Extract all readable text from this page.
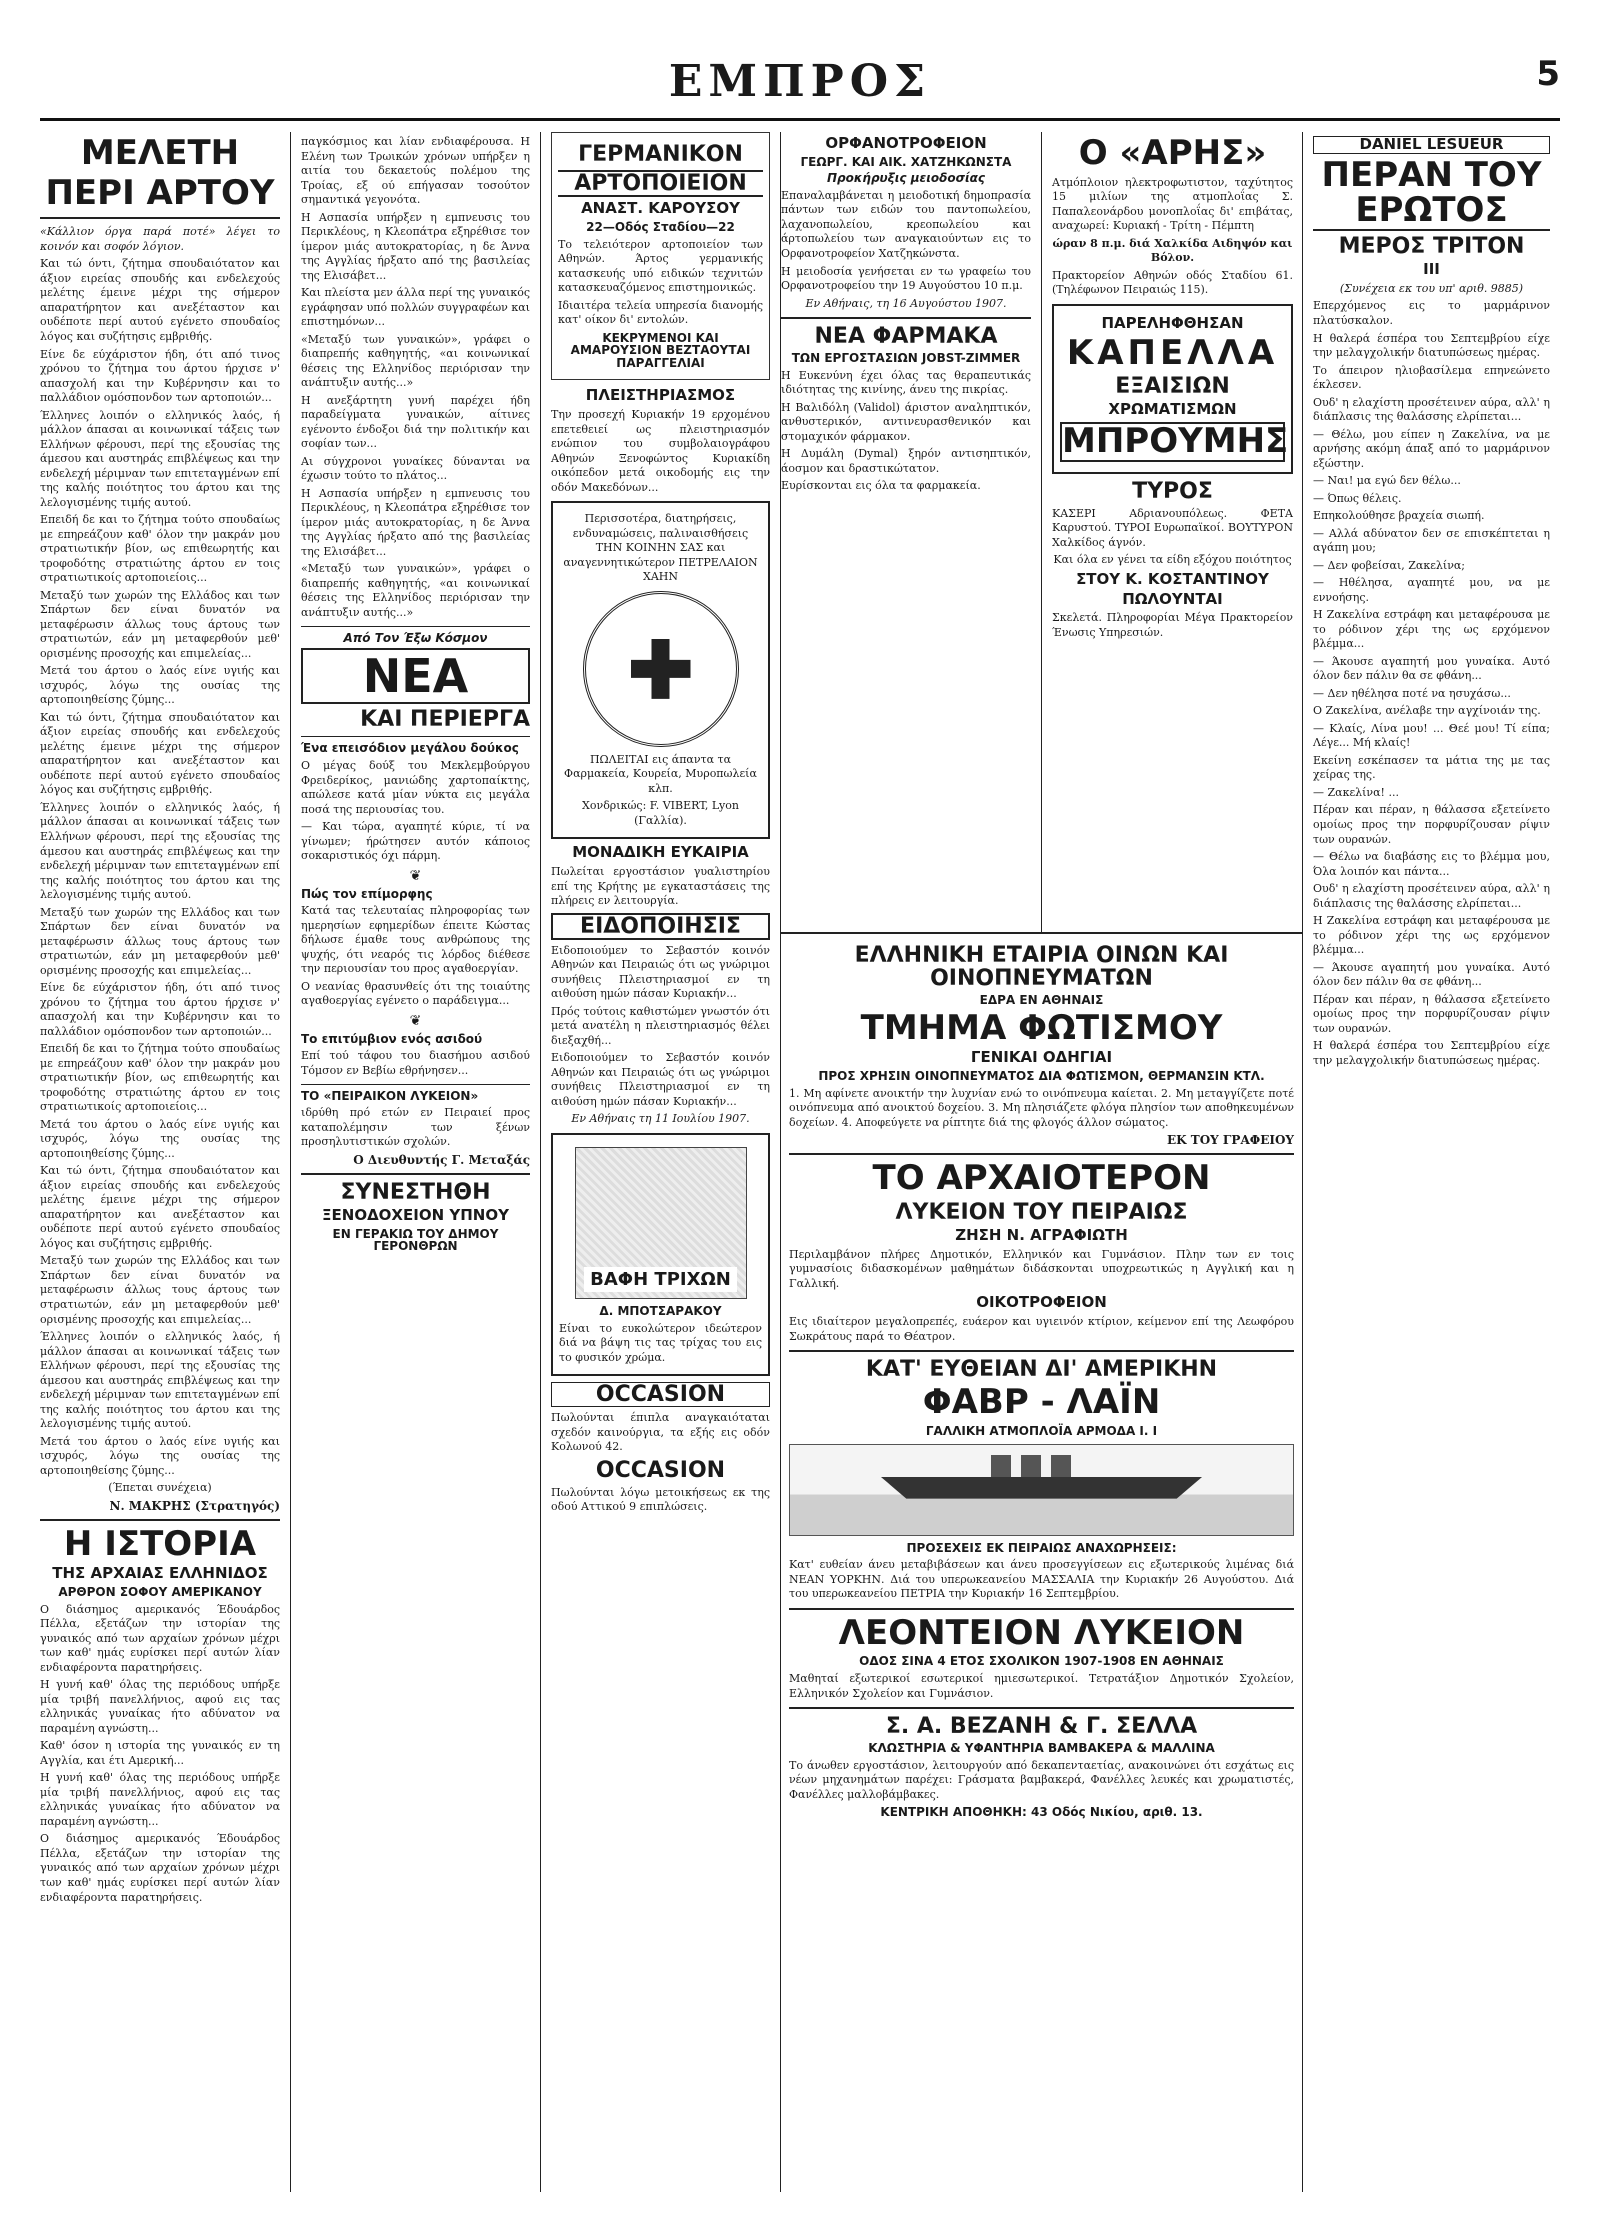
ΕΜΠΡΟΣ	5
ΜΕΛΕΤΗ
ΠΕΡΙ ΑΡΤΟΥ

«Κάλλιον όργα παρά ποτέ» λέγει το κοινόν και σοφόν λόγιον.

Και τώ όντι, ζήτημα σπουδαιότατον και άξιον ειρείας σπουδής και ενδελεχούς μελέτης έμεινε μέχρι της σήμερον απαρατήρητον και ανεξέταστον και ουδέποτε περί αυτού εγένετο σπουδαίος λόγος και συζήτησις εμβριθής.

Είνε δε εύχάριστον ήδη, ότι από τινος χρόνου το ζήτημα του άρτου ήρχισε ν' απασχολή και την Κυβέρνησιν και το παλλάδιον ομόσπονδον των αρτοποιών...

Έλληνες λοιπόν ο ελληνικός λαός, ή μάλλον άπασαι αι κοινωνικαί τάξεις των Ελλήνων φέρουσι, περί της εξουσίας της άμεσου και αυστηράς επιβλέψεως και την ενδελεχή μέριμναν των επιτεταγμένων επί της καλής ποιότητος του άρτου και της λελογισμένης τιμής αυτού.

Επειδή δε και το ζήτημα τούτο σπουδαίως με επηρεάζουν καθ' όλον την μακράν μου στρατιωτικήν βίον, ως επιθεωρητής και τροφοδότης στρατιώτης άρτου εν τοις στρατιωτικοίς αρτοποιείοις...

Μεταξύ των χωρών της Ελλάδος και των Σπάρτων δεν είναι δυνατόν να μεταφέρωσιν άλλως τους άρτους των στρατιωτών, εάν μη μεταφερθούν μεθ' ορισμένης προσοχής και επιμελείας...

Μετά του άρτου ο λαός είνε υγιής και ισχυρός, λόγω της ουσίας της αρτοποιηθείσης ζύμης...

Και τώ όντι, ζήτημα σπουδαιότατον και άξιον ειρείας σπουδής και ενδελεχούς μελέτης έμεινε μέχρι της σήμερον απαρατήρητον και ανεξέταστον και ουδέποτε περί αυτού εγένετο σπουδαίος λόγος και συζήτησις εμβριθής.

Έλληνες λοιπόν ο ελληνικός λαός, ή μάλλον άπασαι αι κοινωνικαί τάξεις των Ελλήνων φέρουσι, περί της εξουσίας της άμεσου και αυστηράς επιβλέψεως και την ενδελεχή μέριμναν των επιτεταγμένων επί της καλής ποιότητος του άρτου και της λελογισμένης τιμής αυτού.

Μεταξύ των χωρών της Ελλάδος και των Σπάρτων δεν είναι δυνατόν να μεταφέρωσιν άλλως τους άρτους των στρατιωτών, εάν μη μεταφερθούν μεθ' ορισμένης προσοχής και επιμελείας...

Είνε δε εύχάριστον ήδη, ότι από τινος χρόνου το ζήτημα του άρτου ήρχισε ν' απασχολή και την Κυβέρνησιν και το παλλάδιον ομόσπονδον των αρτοποιών...

Επειδή δε και το ζήτημα τούτο σπουδαίως με επηρεάζουν καθ' όλον την μακράν μου στρατιωτικήν βίον, ως επιθεωρητής και τροφοδότης στρατιώτης άρτου εν τοις στρατιωτικοίς αρτοποιείοις...

Μετά του άρτου ο λαός είνε υγιής και ισχυρός, λόγω της ουσίας της αρτοποιηθείσης ζύμης...

Και τώ όντι, ζήτημα σπουδαιότατον και άξιον ειρείας σπουδής και ενδελεχούς μελέτης έμεινε μέχρι της σήμερον απαρατήρητον και ανεξέταστον και ουδέποτε περί αυτού εγένετο σπουδαίος λόγος και συζήτησις εμβριθής.

Μεταξύ των χωρών της Ελλάδος και των Σπάρτων δεν είναι δυνατόν να μεταφέρωσιν άλλως τους άρτους των στρατιωτών, εάν μη μεταφερθούν μεθ' ορισμένης προσοχής και επιμελείας...

Έλληνες λοιπόν ο ελληνικός λαός, ή μάλλον άπασαι αι κοινωνικαί τάξεις των Ελλήνων φέρουσι, περί της εξουσίας της άμεσου και αυστηράς επιβλέψεως και την ενδελεχή μέριμναν των επιτεταγμένων επί της καλής ποιότητος του άρτου και της λελογισμένης τιμής αυτού.

Μετά του άρτου ο λαός είνε υγιής και ισχυρός, λόγω της ουσίας της αρτοποιηθείσης ζύμης...

(Έπεται συνέχεια)
Ν. ΜΑΚΡΗΣ (Στρατηγός)
Η ΙΣΤΟΡΙΑ
ΤΗΣ ΑΡΧΑΙΑΣ ΕΛΛΗΝΙΔΟΣ
ΑΡΘΡΟΝ ΣΟΦΟΥ ΑΜΕΡΙΚΑΝΟΥ

Ο διάσημος αμερικανός Έδουάρδος Πέλλα, εξετάζων την ιστορίαν της γυναικός από των αρχαίων χρόνων μέχρι των καθ' ημάς ευρίσκει περί αυτών λίαν ενδιαφέροντα παρατηρήσεις.

Η γυνή καθ' όλας της περιόδους υπήρξε μία τριβή πανελλήνιος, αφού εις τας ελληνικάς γυναίκας ήτο αδύνατον να παραμένη αγνώστη...

Καθ' όσον η ιστορία της γυναικός εν τη Αγγλία, και έτι Αμερική...

Η γυνή καθ' όλας της περιόδους υπήρξε μία τριβή πανελλήνιος, αφού εις τας ελληνικάς γυναίκας ήτο αδύνατον να παραμένη αγνώστη...

Ο διάσημος αμερικανός Έδουάρδος Πέλλα, εξετάζων την ιστορίαν της γυναικός από των αρχαίων χρόνων μέχρι των καθ' ημάς ευρίσκει περί αυτών λίαν ενδιαφέροντα παρατηρήσεις.

παγκόσμιος και λίαν ενδιαφέρουσα. Η Ελένη των Τρωικών χρόνων υπήρξεν η αιτία του δεκαετούς πολέμου της Τροίας, εξ ού επήγασαν τοσούτον σημαντικά γεγονότα.

Η Ασπασία υπήρξεν η εμπνευσις του Περικλέους, η Κλεοπάτρα εξηρέθισε τον ίμερον μιάς αυτοκρατορίας, η δε Άννα της Αγγλίας ήρξατο από της βασιλείας της Ελισάβετ...

Και πλείστα μεν άλλα περί της γυναικός εγράφησαν υπό πολλών συγγραφέων και επιστημόνων...

«Μεταξύ των γυναικών», γράφει ο διαπρεπής καθηγητής, «αι κοινωνικαί θέσεις της Ελληνίδος περιόρισαν την ανάπτυξιν αυτής...»

Η ανεξάρτητη γυνή παρέχει ήδη παραδείγματα γυναικών, αίτινες εγένοντο ένδοξοι διά την πολιτικήν και σοφίαν των...

Αι σύγχρονοι γυναίκες δύνανται να έχωσιν τούτο το πλάτος...

Η Ασπασία υπήρξεν η εμπνευσις του Περικλέους, η Κλεοπάτρα εξηρέθισε τον ίμερον μιάς αυτοκρατορίας, η δε Άννα της Αγγλίας ήρξατο από της βασιλείας της Ελισάβετ...

«Μεταξύ των γυναικών», γράφει ο διαπρεπής καθηγητής, «αι κοινωνικαί θέσεις της Ελληνίδος περιόρισαν την ανάπτυξιν αυτής...»

Από Τον Έξω Κόσμον
ΝΕΑ
ΚΑΙ ΠΕΡΙΕΡΓΑ
Ένα επεισόδιον μεγάλου δούκος

Ο μέγας δούξ του Μεκλεμβούργου Φρειδερίκος, μανιώδης χαρτοπαίκτης, απώλεσε κατά μίαν νύκτα εις μεγάλα ποσά της περιουσίας του.

— Και τώρα, αγαπητέ κύριε, τί να γίνωμεν; ήρώτησεν αυτόν κάποιος σοκαριστικός όχι πάρμη.

❦
Πώς τον επίμορφης

Κατά τας τελευταίας πληροφορίας των ημερησίων εφημερίδων έπειτε Κώστας δήλωσε έμαθε τους ανθρώπους της ψυχής, ότι νεαρός τις λόρδος διέθεσε την περιουσίαν του προς αγαθοεργίαν.

Ο νεανίας θρασυνθείς ότι της τοιαύτης αγαθοεργίας εγένετο ο παράδειγμα...

❦
Το επιτύμβιον ενός ασιδού

Επί τού τάφου του διασήμου ασιδού Τόμσον εν Βεβίω εθρήνησεν...

ΤΟ «ΠΕΙΡΑΙΚΟΝ ΛΥΚΕΙΟΝ»

ιδρύθη πρό ετών εν Πειραιεί προς καταπολέμησιν των ξένων προσηλυτιστικών σχολών.

Ο Διευθυντής Γ. Μεταξάς
ΣΥΝΕΣΤΗΘΗ
ΞΕΝΟΔΟΧΕΙΟΝ ΥΠΝΟΥ
ΕΝ ΓΕΡΑΚΙΩ ΤΟΥ ΔΗΜΟΥ ΓΕΡΟΝΘΡΩΝ
ΓΕΡΜΑΝΙΚΟΝ
ΑΡΤΟΠΟΙΕΙΟΝ
ΑΝΑΣΤ. ΚΑΡΟΥΣΟΥ
22—Οδός Σταδίου—22

Το τελειότερον αρτοποιείον των Αθηνών. Άρτος γερμανικής κατασκευής υπό ειδικών τεχνιτών κατασκευαζόμενος επιστημονικώς.

Ιδιαιτέρα τελεία υπηρεσία διανομής κατ' οίκον δι' εντολών.

ΚΕΚΡΥΜΕΝΟΙ ΚΑΙ ΑΜΑΡΟΥΣΙΟΝ ΒΕΖΤΑΟΥΤΑΙ ΠΑΡΑΓΓΕΛΙΑΙ
ΠΛΕΙΣΤΗΡΙΑΣΜΟΣ

Την προσεχή Κυριακήν 19 ερχομένου επετεθειεί ως πλειστηριασμόν ενώπιον του συμβολαιογράφου Αθηνών Ξενοφώντος Κυριακίδη οικόπεδον μετά οικοδομής εις την οδόν Μακεδόνων...

Περισσοτέρα, διατηρήσεις, ενδυναμώσεις, παλιναισθήσεις ΤΗΝ ΚΟΙΝΗΝ ΣΑΣ και αναγεννητικώτερον ΠΕΤΡΕΛΑΙΟΝ ΧΑΗΝ

ΠΩΛΕΙΤΑΙ εις άπαντα τα Φαρμακεία, Κουρεία, Μυροπωλεία κλπ.

Χονδρικώς: F. VIBERT, Lyon (Γαλλία).

ΜΟΝΑΔΙΚΗ ΕΥΚΑΙΡΙΑ

Πωλείται εργοστάσιον γυαλιστηρίου επί της Κρήτης με εγκαταστάσεις της πλήρεις εν λειτουργία.

ΕΙΔΟΠΟΙΗΣΙΣ

Ειδοποιούμεν το Σεβαστόν κοινόν Αθηνών και Πειραιώς ότι ως γνώριμοι συνήθεις Πλειστηριασμοί εν τη αιθούση ημών πάσαν Κυριακήν...

Πρός τούτοις καθιστώμεν γνωστόν ότι μετά ανατέλη η πλειστηριασμός θέλει διεξαχθή...

Ειδοποιούμεν το Σεβαστόν κοινόν Αθηνών και Πειραιώς ότι ως γνώριμοι συνήθεις Πλειστηριασμοί εν τη αιθούση ημών πάσαν Κυριακήν...

Εν Αθήναις τη 11 Ιουλίου 1907.
ΒΑΦΗ ΤΡΙΧΩΝ
Δ. ΜΠΟΤΣΑΡΑΚΟΥ

Είναι το ευκολώτερον ιδεώτερον διά να βάψη τις τας τρίχας του εις το φυσικόν χρώμα.

OCCASION

Πωλούνται έπιπλα αναγκαιόταται σχεδόν καινούργια, τα εξής εις οδόν Κολωνού 42.

OCCASION

Πωλούνται λόγω μετοικήσεως εκ της οδού Αττικού 9 επιπλώσεις.

ΟΡΦΑΝΟΤΡΟΦΕΙΟΝ
ΓΕΩΡΓ. ΚΑΙ ΑΙΚ. ΧΑΤΖΗΚΩΝΣΤΑ
Προκήρυξις μειοδοσίας

Επαναλαμβάνεται η μειοδοτική δημοπρασία πάντων των ειδών του παντοπωλείου, λαχανοπωλείου, κρεοπωλείου και άρτοπωλείου των αναγκαιούντων εις το Ορφανοτροφείον Χατζηκώνστα.

Η μειοδοσία γενήσεται εν τω γραφείω του Ορφανοτροφείου την 19 Αυγούστου 10 π.μ.

Εν Αθήναις, τη 16 Αυγούστου 1907.
ΝΕΑ ΦΑΡΜΑΚΑ
ΤΩΝ ΕΡΓΟΣΤΑΣΙΩΝ JOBST-ZIMMER

Η Ευκενύνη έχει όλας τας θεραπευτικάς ιδιότητας της κινίνης, άνευ της πικρίας.

Η Βαλιδόλη (Validol) άριστον αναληπτικόν, ανθυστερικόν, αντινευρασθενικόν και στομαχικόν φάρμακον.

Η Δυμάλη (Dymal) ξηρόν αντισηπτικόν, άοσμον και δραστικώτατον.

Ευρίσκονται εις όλα τα φαρμακεία.

Ο «ΑΡΗΣ»

Ατμόπλοιον ηλεκτροφωτιστον, ταχύτητος 15 μιλίων της ατμοπλοΐας Σ. Παπαλεονάρδου μονοπλοΐας δι' επιβάτας, αναχωρεί: Κυριακή - Τρίτη - Πέμπτη

ώραν 8 π.μ. διά Χαλκίδα Αιδηψόν και Βόλον.

Πρακτορείον Αθηνών οδός Σταδίου 61. (Τηλέφωνον Πειραιώς 115).

ΠΑΡΕΛΗΦΘΗΣΑΝ
ΚΑΠΕΛΛΑ
ΕΞΑΙΣΙΩΝ
ΧΡΩΜΑΤΙΣΜΩΝ
ΜΠΡΟΥΜΗΣ
ΤΥΡΟΣ

ΚΑΣΕΡΙ Αδριανουπόλεως. ΦΕΤΑ Καρυστού. ΤΥΡΟΙ Ευρωπαϊκοί. ΒΟΥΤΥΡΟΝ Χαλκίδος άγνόν.

Και όλα εν γένει τα είδη εξόχου ποιότητος

ΣΤΟΥ Κ. ΚΟΣΤΑΝΤΙΝΟΥ
ΠΩΛΟΥΝΤΑΙ

Σκελετά. Πληροφορίαι Μέγα Πρακτορείον Ένωσις Υπηρεσιών.

ΕΛΛΗΝΙΚΗ ΕΤΑΙΡΙΑ ΟΙΝΩΝ ΚΑΙ ΟΙΝΟΠΝΕΥΜΑΤΩΝ
ΕΔΡΑ ΕΝ ΑΘΗΝΑΙΣ
ΤΜΗΜΑ ΦΩΤΙΣΜΟΥ
ΓΕΝΙΚΑΙ ΟΔΗΓΙΑΙ
ΠΡΟΣ ΧΡΗΣΙΝ ΟΙΝΟΠΝΕΥΜΑΤΟΣ ΔΙΑ ΦΩΤΙΣΜΟΝ, ΘΕΡΜΑΝΣΙΝ ΚΤΛ.

1. Μη αφίνετε ανοικτήν την λυχνίαν ενώ το οινόπνευμα καίεται. 2. Μη μεταγγίζετε ποτέ οινόπνευμα από ανοικτού δοχείου. 3. Μη πλησιάζετε φλόγα πλησίον των αποθηκευμένων δοχείων. 4. Αποφεύγετε να ρίπτητε διά της φλογός άλλον σώματος.

ΕΚ ΤΟΥ ΓΡΑΦΕΙΟΥ
ΤΟ ΑΡΧΑΙΟΤΕΡΟΝ
ΛΥΚΕΙΟΝ ΤΟΥ ΠΕΙΡΑΙΩΣ
ΖΗΣΗ Ν. ΑΓΡΑΦΙΩΤΗ

Περιλαμβάνον πλήρες Δημοτικόν, Ελληνικόν και Γυμνάσιον. Πλην των εν τοις γυμνασίοις διδασκομένων μαθημάτων διδάσκονται υποχρεωτικώς η Αγγλική και η Γαλλική.

ΟΙΚΟΤΡΟΦΕΙΟΝ

Εις ιδιαίτερον μεγαλοπρεπές, ευάερον και υγιεινόν κτίριον, κείμενον επί της Λεωφόρου Σωκράτους παρά το Θέατρον.

ΚΑΤ' ΕΥΘΕΙΑΝ ΔΙ' ΑΜΕΡΙΚΗΝ
ΦΑΒΡ - ΛΑΪΝ
ΓΑΛΛΙΚΗ ΑΤΜΟΠΛΟΪΑ ΑΡΜΟΔΑ Ι. Ι
ΠΡΟΣΕΧΕΙΣ ΕΚ ΠΕΙΡΑΙΩΣ ΑΝΑΧΩΡΗΣΕΙΣ:

Κατ' ευθείαν άνευ μεταβιβάσεων και άνευ προσεγγίσεων εις εξωτερικούς λιμένας διά ΝΕΑΝ ΥΟΡΚΗΝ. Διά του υπερωκεανείου ΜΑΣΣΑΛΙΑ την Κυριακήν 26 Αυγούστου. Διά του υπερωκεανείου ΠΕΤΡΙΑ την Κυριακήν 16 Σεπτεμβρίου.

ΛΕΟΝΤΕΙΟΝ ΛΥΚΕΙΟΝ
ΟΔΟΣ ΣΙΝΑ 4 ΕΤΟΣ ΣΧΟΛΙΚΟΝ 1907-1908 ΕΝ ΑΘΗΝΑΙΣ

Μαθηταί εξωτερικοί εσωτερικοί ημιεσωτερικοί. Τετρατάξιον Δημοτικόν Σχολείον, Ελληνικόν Σχολείον και Γυμνάσιον.

Σ. Α. ΒΕΖΑΝΗ & Γ. ΣΕΛΛΑ
ΚΛΩΣΤΗΡΙΑ & ΥΦΑΝΤΗΡΙΑ ΒΑΜΒΑΚΕΡΑ & ΜΑΛΛΙΝΑ

Το άνωθεν εργοστάσιον, λειτουργούν από δεκαπενταετίας, ανακοινώνει ότι εσχάτως εις νέων μηχανημάτων παρέχει: Γράσματα βαμβακερά, Φανέλλες λευκές και χρωματιστές, Φανέλλες μαλλοβάμβακες.

ΚΕΝΤΡΙΚΗ ΑΠΟΘΗΚΗ: 43 Οδός Νικίου, αριθ. 13.
DANIEL LESUEUR
ΠΕΡΑΝ ΤΟΥ ΕΡΩΤΟΣ
ΜΕΡΟΣ ΤΡΙΤΟΝ
ΙΙΙ
(Συνέχεια εκ του υπ' αριθ. 9885)

Επερχόμενος εις το μαρμάρινον πλατύσκαλον.

Η θαλερά έσπέρα του Σεπτεμβρίου είχε την μελαγχολικήν διατυπώσεως ημέρας.

Το άπειρον ηλιοβασίλεμα επηνεώνετο έκλεσεν.

Ουδ' η ελαχίστη προσέτεινεν αύρα, αλλ' η διάπλασις της θαλάσσης ελρίπεται...

— Θέλω, μου είπεν η Ζακελίνα, να με αρνήσης ακόμη άπαξ από το μαρμάρινον εξώστην.

— Ναι! μα εγώ δεν θέλω...

— Όπως θέλεις.

Επηκολούθησε βραχεία σιωπή.

— Αλλά αδύνατον δεν σε επισκέπτεται η αγάπη μου;

— Δεν φοβείσαι, Ζακελίνα;

— Ηθέλησα, αγαπητέ μου, να με εννοήσης.

Η Ζακελίνα εστράφη και μεταφέρουσα με το ρόδινον χέρι της ως ερχόμενον βλέμμα...

— Άκουσε αγαπητή μου γυναίκα. Αυτό όλον δεν πάλιν θα σε φθάνη...

— Δεν ηθέλησα ποτέ να ησυχάσω...

Ο Ζακελίνα, ανέλαβε την αγχίνοιάν της.

— Κλαίς, Λίνα μου! ... Θεέ μου! Τί είπα; Λέγε... Μή κλαίς!

Εκείνη εσκέπασεν τα μάτια της με τας χείρας της.

— Ζακελίνα! ...

Πέραν και πέραν, η θάλασσα εξετείνετο ομοίως προς την πορφυρίζουσαν ρίψιν των ουρανών.

— Θέλω να διαβάσης εις το βλέμμα μου, Όλα λοιπόν και πάντα...

Ουδ' η ελαχίστη προσέτεινεν αύρα, αλλ' η διάπλασις της θαλάσσης ελρίπεται...

Η Ζακελίνα εστράφη και μεταφέρουσα με το ρόδινον χέρι της ως ερχόμενον βλέμμα...

— Άκουσε αγαπητή μου γυναίκα. Αυτό όλον δεν πάλιν θα σε φθάνη...

Πέραν και πέραν, η θάλασσα εξετείνετο ομοίως προς την πορφυρίζουσαν ρίψιν των ουρανών.

Η θαλερά έσπέρα του Σεπτεμβρίου είχε την μελαγχολικήν διατυπώσεως ημέρας.
